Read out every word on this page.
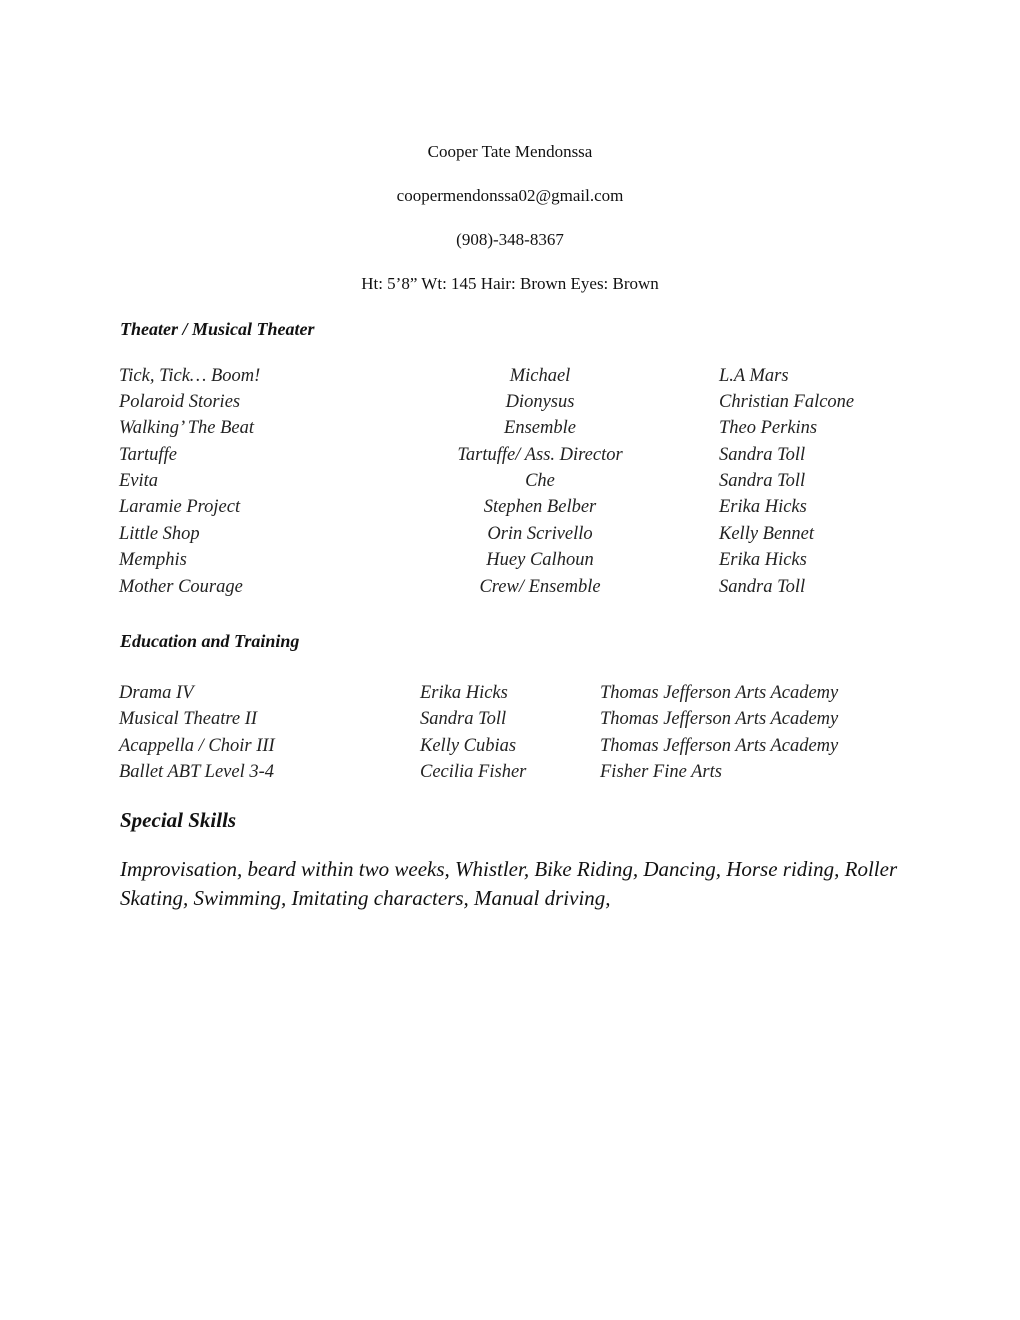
Cooper Tate Mendonssa
coopermendonssa02@gmail.com
(908)-348-8367
Ht: 5’8” Wt: 145 Hair: Brown Eyes: Brown
Theater / Musical Theater
Tick, Tick… Boom!	Michael	L.A Mars
Polaroid Stories	Dionysus	Christian Falcone
Walking’ The Beat	Ensemble	Theo Perkins
Tartuffe	Tartuffe/ Ass. Director	Sandra Toll
Evita	Che	Sandra Toll
Laramie Project	Stephen Belber	Erika Hicks
Little Shop	Orin Scrivello	Kelly Bennet
Memphis	Huey Calhoun	Erika Hicks
Mother Courage	Crew/ Ensemble	Sandra Toll
Education and Training
Drama IV	Erika Hicks	Thomas Jefferson Arts Academy
Musical Theatre II	Sandra Toll	Thomas Jefferson Arts Academy
Acappella / Choir III	Kelly Cubias	Thomas Jefferson Arts Academy
Ballet ABT Level 3-4	Cecilia Fisher	Fisher Fine Arts
Special Skills
Improvisation, beard within two weeks, Whistler, Bike Riding, Dancing, Horse riding, Roller Skating, Swimming, Imitating characters, Manual driving,
